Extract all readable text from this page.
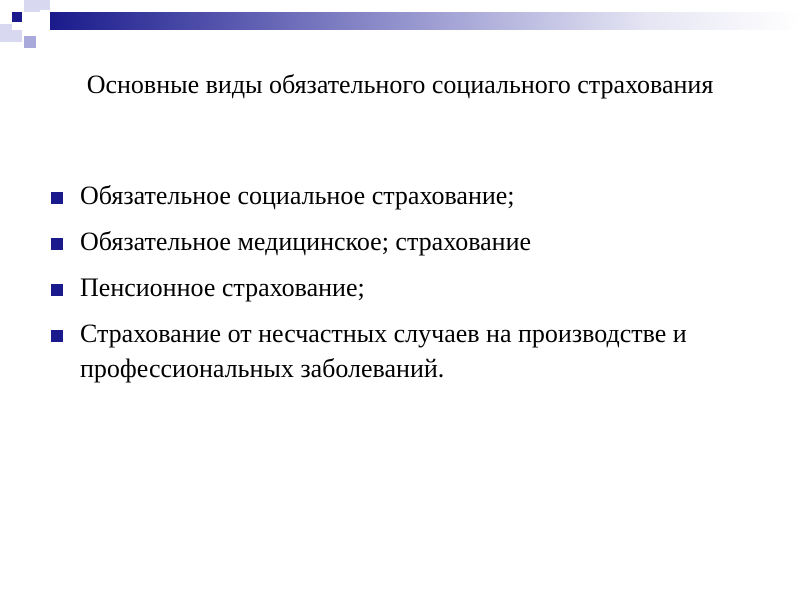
Основные виды обязательного социального страхования
Обязательное социальное страхование;
Обязательное медицинское; страхование
Пенсионное страхование;
Страхование от несчастных случаев на производстве и профессиональных заболеваний.
